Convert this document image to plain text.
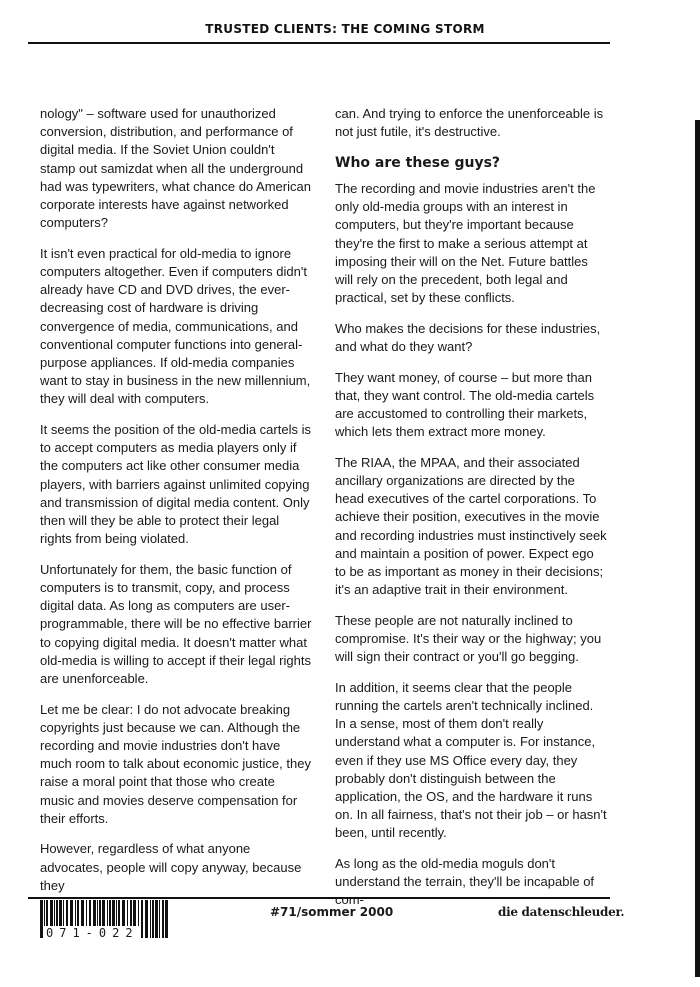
TRUSTED CLIENTS: THE COMING STORM

nology" – software used for unauthorized conversion, distribution, and performance of digital media. If the Soviet Union couldn't stamp out samizdat when all the underground had was typewriters, what chance do American corporate interests have against networked computers?

It isn't even practical for old-media to ignore computers altogether. Even if computers didn't already have CD and DVD drives, the ever-decreasing cost of hardware is driving convergence of media, communications, and conventional computer functions into general-purpose appliances. If old-media companies want to stay in business in the new millennium, they will deal with computers.

It seems the position of the old-media cartels is to accept computers as media players only if the computers act like other consumer media players, with barriers against unlimited copying and transmission of digital media content. Only then will they be able to protect their legal rights from being violated.

Unfortunately for them, the basic function of computers is to transmit, copy, and process digital data. As long as computers are user-programmable, there will be no effective barrier to copying digital media. It doesn't matter what old-media is willing to accept if their legal rights are unenforceable.

Let me be clear: I do not advocate breaking copyrights just because we can. Although the recording and movie industries don't have much room to talk about economic justice, they raise a moral point that those who create music and movies deserve compensation for their efforts.

However, regardless of what anyone advocates, people will copy anyway, because they

can. And trying to enforce the unenforceable is not just futile, it's destructive.

Who are these guys?

The recording and movie industries aren't the only old-media groups with an interest in computers, but they're important because they're the first to make a serious attempt at imposing their will on the Net. Future battles will rely on the precedent, both legal and practical, set by these conflicts.

Who makes the decisions for these industries, and what do they want?

They want money, of course – but more than that, they want control. The old-media cartels are accustomed to controlling their markets, which lets them extract more money.

The RIAA, the MPAA, and their associated ancillary organizations are directed by the head executives of the cartel corporations. To achieve their position, executives in the movie and recording industries must instinctively seek and maintain a position of power. Expect ego to be as important as money in their decisions; it's an adaptive trait in their environment.

These people are not naturally inclined to compromise. It's their way or the highway; you will sign their contract or you'll go begging.

In addition, it seems clear that the people running the cartels aren't technically inclined. In a sense, most of them don't really understand what a computer is. For instance, even if they use MS Office every day, they probably don't distinguish between the application, the OS, and the hardware it runs on. In all fairness, that's not their job – or hasn't been, until recently.

As long as the old-media moguls don't understand the terrain, they'll be incapable of com-

071-022
#71/sommer 2000	die datenschleuder.
